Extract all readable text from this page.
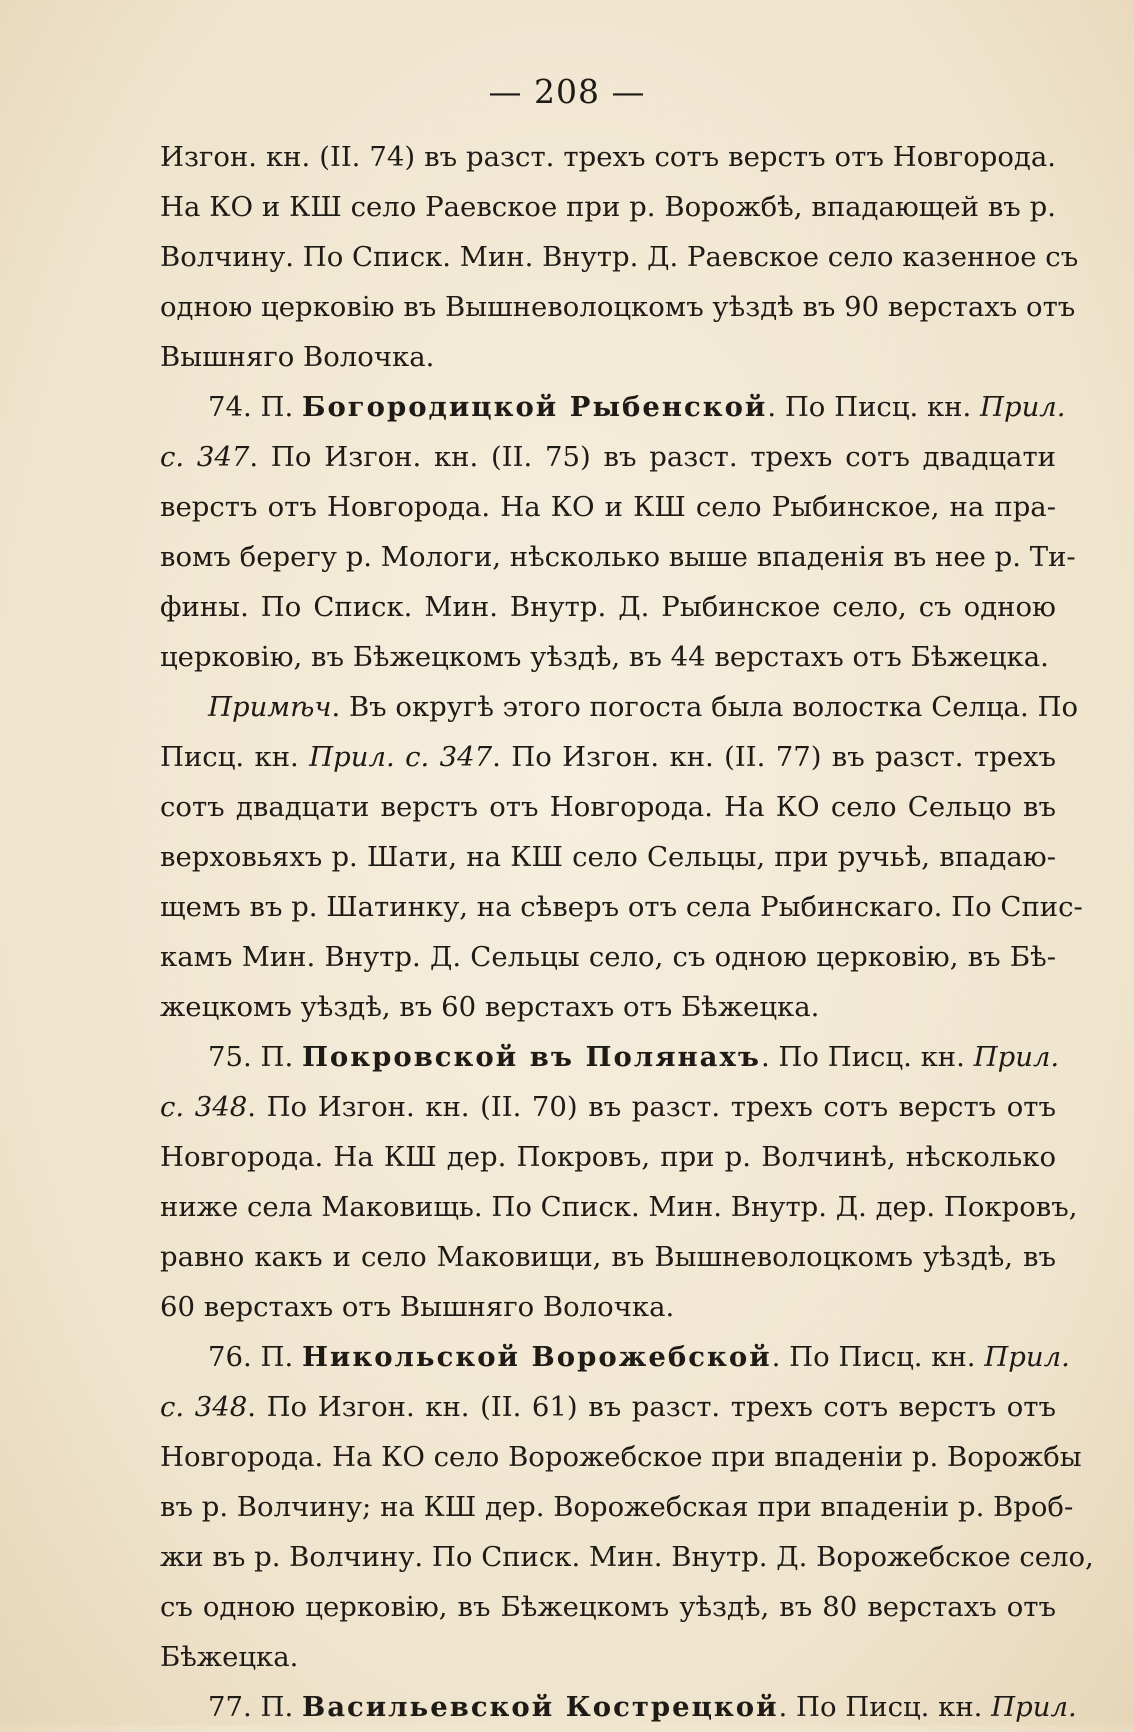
— 208 —
Изгон. кн. (II. 74) въ разст. трехъ сотъ верстъ отъ Новгорода.
На КО и КШ село Раевское при р. Ворожбѣ, впадающей въ р.
Волчину. По Списк. Мин. Внутр. Д. Раевское село казенное съ
одною церковію въ Вышневолоцкомъ уѣздѣ въ 90 верстахъ отъ
Вышняго Волочка.
74. П. Богородицкой Рыбенской. По Писц. кн. Прил.
с. 347. По Изгон. кн. (II. 75) въ разст. трехъ сотъ двадцати
верстъ отъ Новгорода. На КО и КШ село Рыбинское, на пра-
вомъ берегу р. Мологи, нѣсколько выше впаденія въ нее р. Ти-
фины. По Списк. Мин. Внутр. Д. Рыбинское село, съ одною
церковію, въ Бѣжецкомъ уѣздѣ, въ 44 верстахъ отъ Бѣжецка.
Примѣч. Въ округѣ этого погоста была волостка Селца. По
Писц. кн. Прил. с. 347. По Изгон. кн. (II. 77) въ разст. трехъ
сотъ двадцати верстъ отъ Новгорода. На КО село Сельцо въ
верховьяхъ р. Шати, на КШ село Сельцы, при ручьѣ, впадаю-
щемъ въ р. Шатинку, на сѣверъ отъ села Рыбинскаго. По Спис-
камъ Мин. Внутр. Д. Сельцы село, съ одною церковію, въ Бѣ-
жецкомъ уѣздѣ, въ 60 верстахъ отъ Бѣжецка.
75. П. Покровской въ Полянахъ. По Писц. кн. Прил.
с. 348. По Изгон. кн. (II. 70) въ разст. трехъ сотъ верстъ отъ
Новгорода. На КШ дер. Покровъ, при р. Волчинѣ, нѣсколько
ниже села Маковищь. По Списк. Мин. Внутр. Д. дер. Покровъ,
равно какъ и село Маковищи, въ Вышневолоцкомъ уѣздѣ, въ
60 верстахъ отъ Вышняго Волочка.
76. П. Никольской Ворожебской. По Писц. кн. Прил.
с. 348. По Изгон. кн. (II. 61) въ разст. трехъ сотъ верстъ отъ
Новгорода. На КО село Ворожебское при впаденіи р. Ворожбы
въ р. Волчину; на КШ дер. Ворожебская при впаденіи р. Вроб-
жи въ р. Волчину. По Списк. Мин. Внутр. Д. Ворожебское село,
съ одною церковію, въ Бѣжецкомъ уѣздѣ, въ 80 верстахъ отъ
Бѣжецка.
77. П. Васильевской Кострецкой. По Писц. кн. Прил.
